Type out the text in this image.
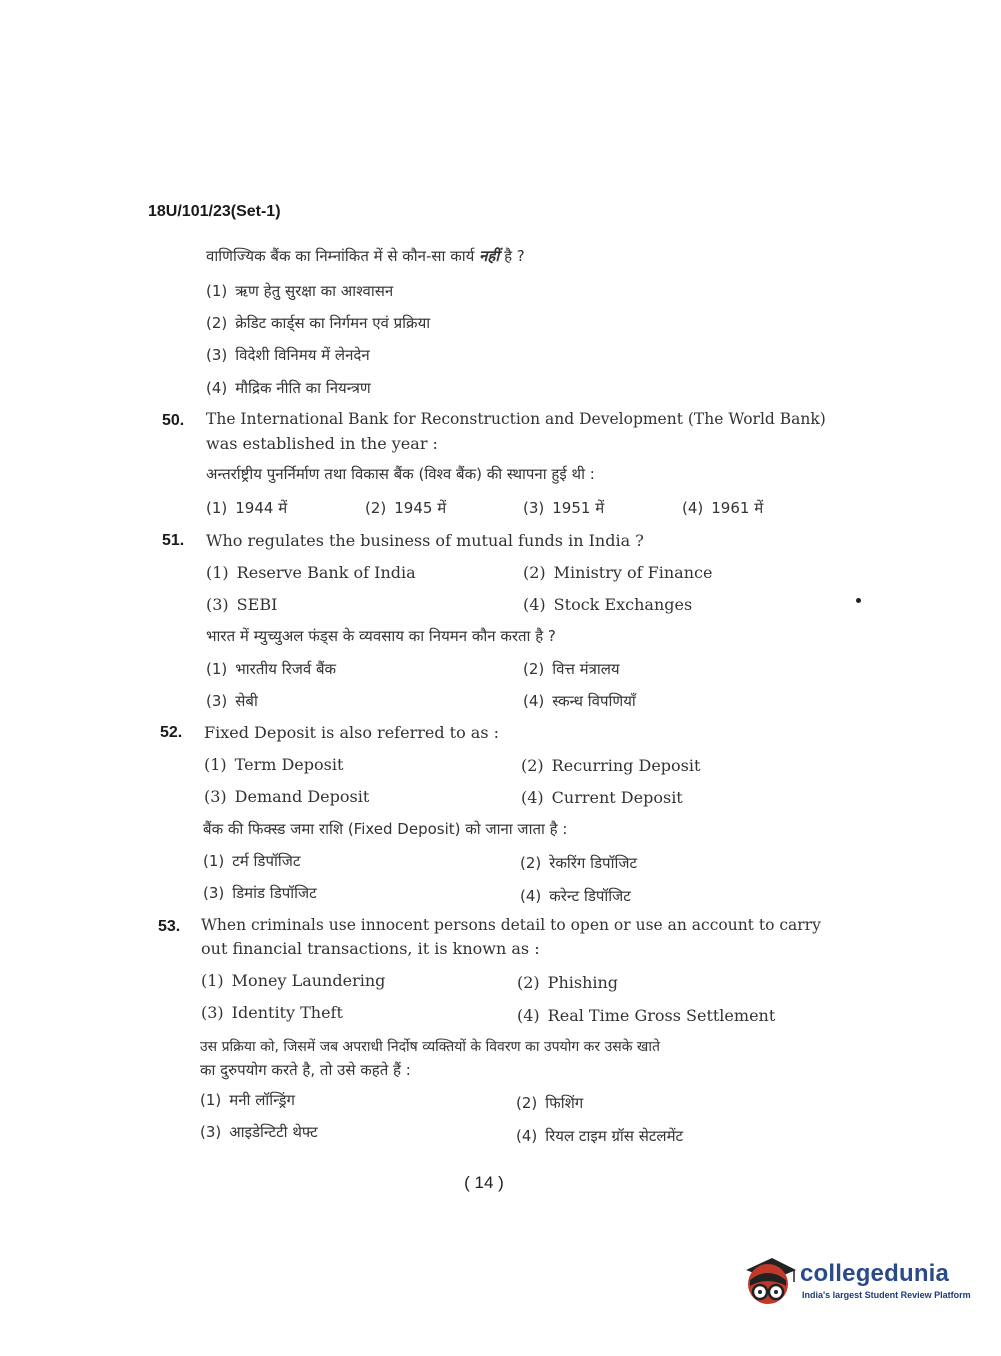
18U/101/23(Set-1)
वाणिज्यिक बैंक का निम्नांकित में से कौन-सा कार्य नहीं है ?
(1) ऋण हेतु सुरक्षा का आश्वासन
(2) क्रेडिट कार्ड्स का निर्गमन एवं प्रक्रिया
(3) विदेशी विनिमय में लेनदेन
(4) मौद्रिक नीति का नियन्त्रण
50. The International Bank for Reconstruction and Development (The World Bank)
was established in the year :
अन्तर्राष्ट्रीय पुनर्निर्माण तथा विकास बैंक (विश्व बैंक) की स्थापना हुई थी :
(1) 1944 में	(2) 1945 में	(3) 1951 में	(4) 1961 में
51. Who regulates the business of mutual funds in India ?
(1) Reserve Bank of India	(2) Ministry of Finance
(3) SEBI	(4) Stock Exchanges
भारत में म्युच्युअल फंड्स के व्यवसाय का नियमन कौन करता है ?
(1) भारतीय रिजर्व बैंक	(2) वित्त मंत्रालय
(3) सेबी	(4) स्कन्ध विपणियाँ
52. Fixed Deposit is also referred to as :
(1) Term Deposit	(2) Recurring Deposit
(3) Demand Deposit	(4) Current Deposit
बैंक की फिक्स्ड जमा राशि (Fixed Deposit) को जाना जाता है :
(1) टर्म डिपॉजिट	(2) रेकरिंग डिपॉजिट
(3) डिमांड डिपॉजिट	(4) करेन्ट डिपॉजिट
53. When criminals use innocent persons detail to open or use an account to carry
out financial transactions, it is known as :
(1) Money Laundering	(2) Phishing
(3) Identity Theft	(4) Real Time Gross Settlement
उस प्रक्रिया को, जिसमें जब अपराधी निर्दोष व्यक्तियों के विवरण का उपयोग कर उसके खाते
का दुरुपयोग करते है, तो उसे कहते हैं :
(1) मनी लॉन्ड्रिंग	(2) फिशिंग
(3) आइडेन्टिटी थेफ्ट	(4) रियल टाइम ग्रॉस सेटलमेंट
( 14 )
collegedunia
India's largest Student Review Platform
